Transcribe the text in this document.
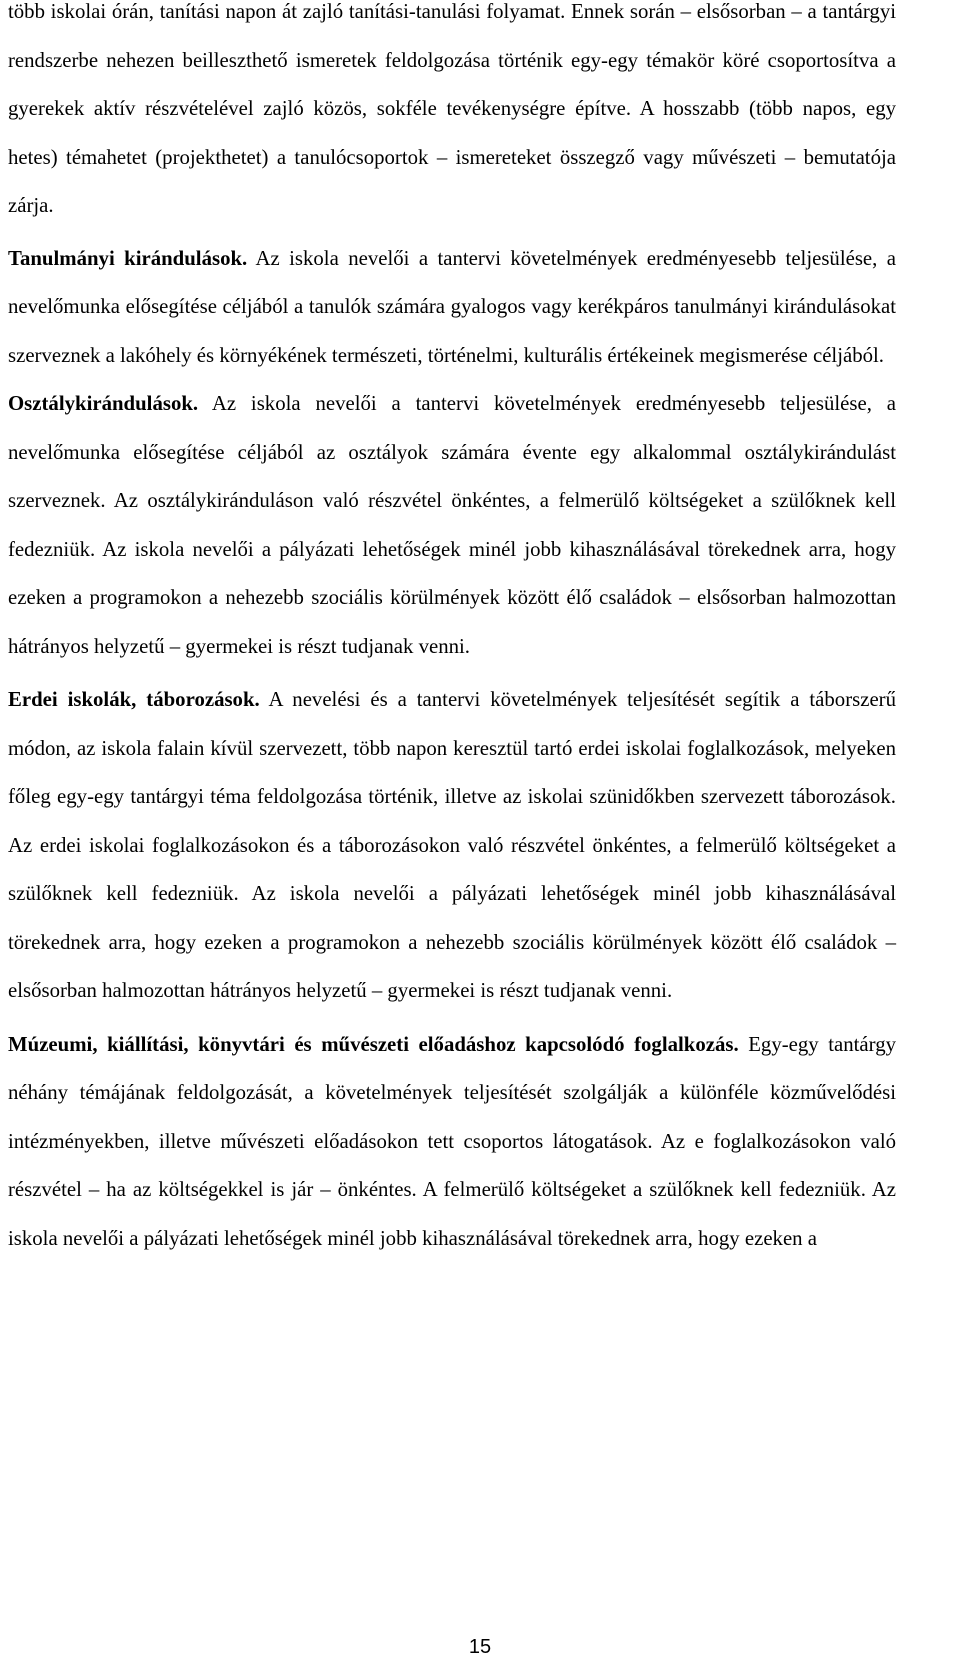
több iskolai órán, tanítási napon át zajló tanítási-tanulási folyamat. Ennek során – elsősorban – a tantárgyi rendszerbe nehezen beilleszthető ismeretek feldolgozása történik egy-egy témakör köré csoportosítva a gyerekek aktív részvételével zajló közös, sokféle tevékenységre építve. A hosszabb (több napos, egy hetes) témahetet (projekthetet) a tanulócsoportok – ismereteket összegző vagy művészeti – bemutatója zárja.

Tanulmányi kirándulások. Az iskola nevelői a tantervi követelmények eredményesebb teljesülése, a nevelőmunka elősegítése céljából a tanulók számára gyalogos vagy kerékpáros tanulmányi kirándulásokat szerveznek a lakóhely és környékének természeti, történelmi, kulturális értékeinek megismerése céljából.

Osztálykirándulások. Az iskola nevelői a tantervi követelmények eredményesebb teljesülése, a nevelőmunka elősegítése céljából az osztályok számára évente egy alkalommal osztálykirándulást szerveznek. Az osztálykiránduláson való részvétel önkéntes, a felmerülő költségeket a szülőknek kell fedezniük. Az iskola nevelői a pályázati lehetőségek minél jobb kihasználásával törekednek arra, hogy ezeken a programokon a nehezebb szociális körülmények között élő családok – elsősorban halmozottan hátrányos helyzetű – gyermekei is részt tudjanak venni.

Erdei iskolák, táborozások. A nevelési és a tantervi követelmények teljesítését segítik a táborszerű módon, az iskola falain kívül szervezett, több napon keresztül tartó erdei iskolai foglalkozások, melyeken főleg egy-egy tantárgyi téma feldolgozása történik, illetve az iskolai szünidőkben szervezett táborozások. Az erdei iskolai foglalkozásokon és a táborozásokon való részvétel önkéntes, a felmerülő költségeket a szülőknek kell fedezniük. Az iskola nevelői a pályázati lehetőségek minél jobb kihasználásával törekednek arra, hogy ezeken a programokon a nehezebb szociális körülmények között élő családok – elsősorban halmozottan hátrányos helyzetű – gyermekei is részt tudjanak venni.

Múzeumi, kiállítási, könyvtári és művészeti előadáshoz kapcsolódó foglalkozás. Egy-egy tantárgy néhány témájának feldolgozását, a követelmények teljesítését szolgálják a különféle közművelődési intézményekben, illetve művészeti előadásokon tett csoportos látogatások. Az e foglalkozásokon való részvétel – ha az költségekkel is jár – önkéntes. A felmerülő költségeket a szülőknek kell fedezniük. Az iskola nevelői a pályázati lehetőségek minél jobb kihasználásával törekednek arra, hogy ezeken a

15
